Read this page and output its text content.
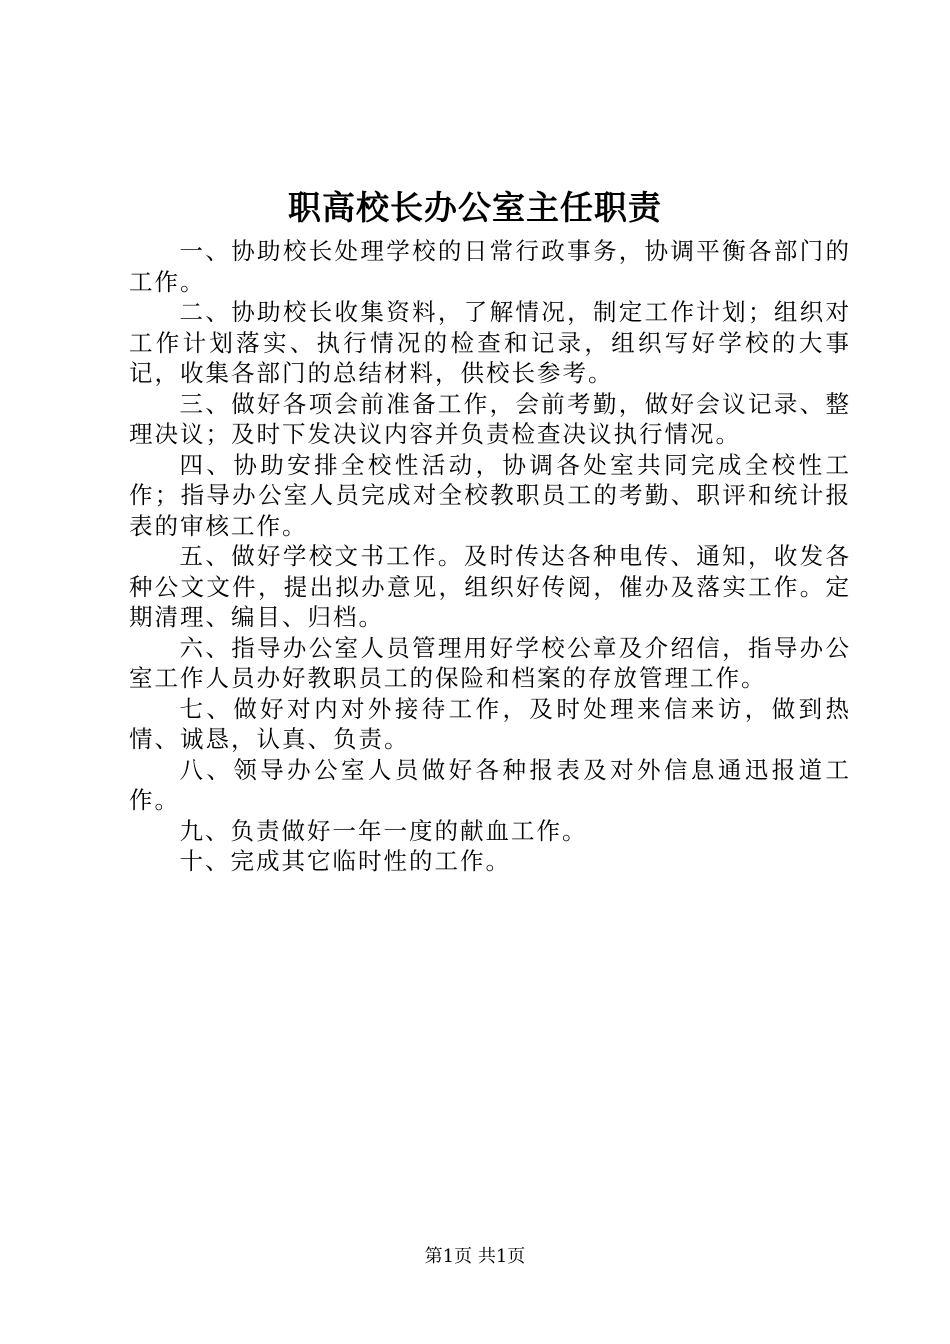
职高校长办公室主任职责

一、协助校长处理学校的日常行政事务，协调平衡各部门的工作。

二、协助校长收集资料，了解情况，制定工作计划；组织对工作计划落实、执行情况的检查和记录，组织写好学校的大事记，收集各部门的总结材料，供校长参考。

三、做好各项会前准备工作，会前考勤，做好会议记录、整理决议；及时下发决议内容并负责检查决议执行情况。

四、协助安排全校性活动，协调各处室共同完成全校性工作；指导办公室人员完成对全校教职员工的考勤、职评和统计报表的审核工作。

五、做好学校文书工作。及时传达各种电传、通知，收发各种公文文件，提出拟办意见，组织好传阅，催办及落实工作。定期清理、编目、归档。

六、指导办公室人员管理用好学校公章及介绍信，指导办公室工作人员办好教职员工的保险和档案的存放管理工作。

七、做好对内对外接待工作，及时处理来信来访，做到热情、诚恳，认真、负责。

八、领导办公室人员做好各种报表及对外信息通迅报道工作。

九、负责做好一年一度的献血工作。

十、完成其它临时性的工作。

第1页 共1页
